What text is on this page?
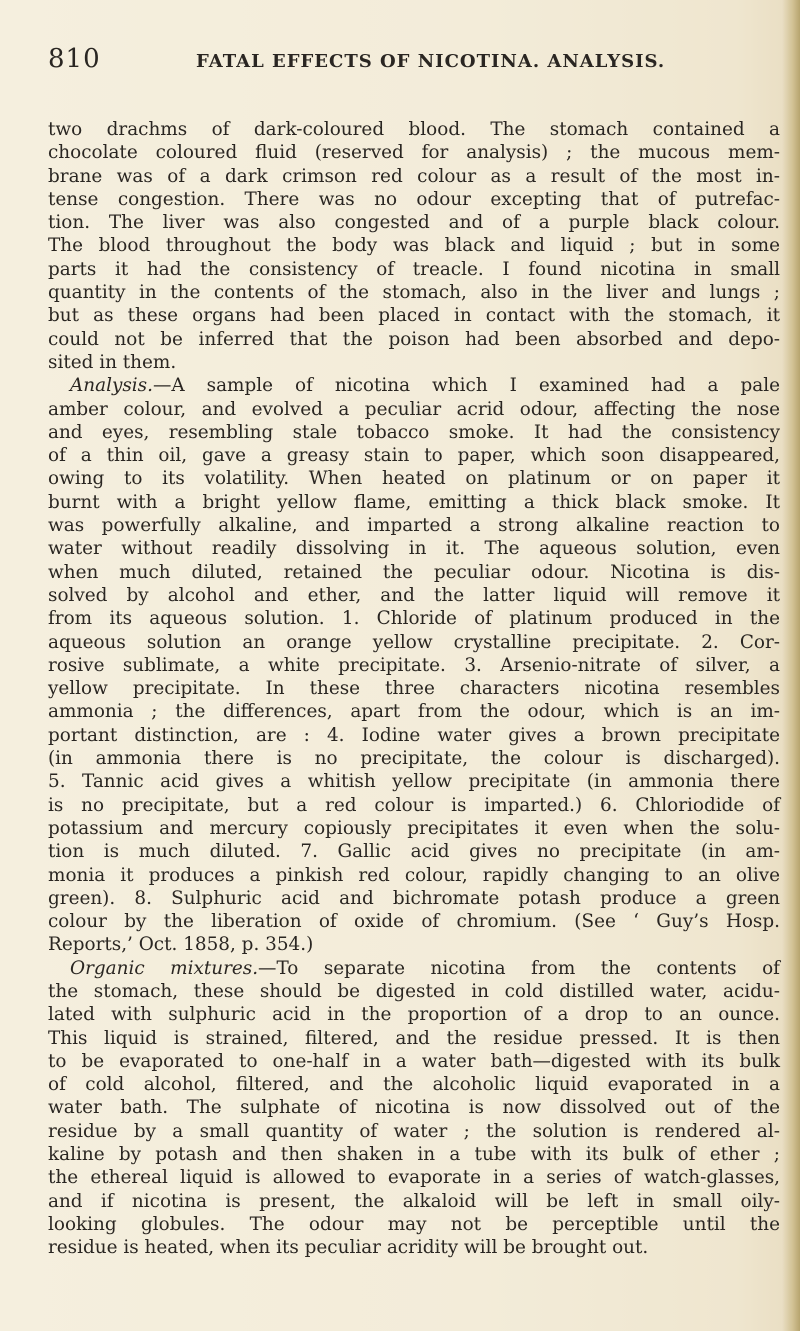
810	FATAL EFFECTS OF NICOTINA. ANALYSIS.

two drachms of dark-coloured blood. The stomach contained a

chocolate coloured fluid (reserved for analysis) ; the mucous mem-

brane was of a dark crimson red colour as a result of the most in-

tense congestion. There was no odour excepting that of putrefac-

tion. The liver was also congested and of a purple black colour.

The blood throughout the body was black and liquid ; but in some

parts it had the consistency of treacle. I found nicotina in small

quantity in the contents of the stomach, also in the liver and lungs ;

but as these organs had been placed in contact with the stomach, it

could not be inferred that the poison had been absorbed and depo-

sited in them.

Analysis.—A sample of nicotina which I examined had a pale

amber colour, and evolved a peculiar acrid odour, affecting the nose

and eyes, resembling stale tobacco smoke. It had the consistency

of a thin oil, gave a greasy stain to paper, which soon disappeared,

owing to its volatility. When heated on platinum or on paper it

burnt with a bright yellow flame, emitting a thick black smoke. It

was powerfully alkaline, and imparted a strong alkaline reaction to

water without readily dissolving in it. The aqueous solution, even

when much diluted, retained the peculiar odour. Nicotina is dis-

solved by alcohol and ether, and the latter liquid will remove it

from its aqueous solution. 1. Chloride of platinum produced in the

aqueous solution an orange yellow crystalline precipitate. 2. Cor-

rosive sublimate, a white precipitate. 3. Arsenio-nitrate of silver, a

yellow precipitate. In these three characters nicotina resembles

ammonia ; the differences, apart from the odour, which is an im-

portant distinction, are : 4. Iodine water gives a brown precipitate

(in ammonia there is no precipitate, the colour is discharged).

5. Tannic acid gives a whitish yellow precipitate (in ammonia there

is no precipitate, but a red colour is imparted.) 6. Chloriodide of

potassium and mercury copiously precipitates it even when the solu-

tion is much diluted. 7. Gallic acid gives no precipitate (in am-

monia it produces a pinkish red colour, rapidly changing to an olive

green). 8. Sulphuric acid and bichromate potash produce a green

colour by the liberation of oxide of chromium. (See ‘ Guy’s Hosp.

Reports,’ Oct. 1858, p. 354.)

Organic mixtures.—To separate nicotina from the contents of

the stomach, these should be digested in cold distilled water, acidu-

lated with sulphuric acid in the proportion of a drop to an ounce.

This liquid is strained, filtered, and the residue pressed. It is then

to be evaporated to one-half in a water bath—digested with its bulk

of cold alcohol, filtered, and the alcoholic liquid evaporated in a

water bath. The sulphate of nicotina is now dissolved out of the

residue by a small quantity of water ; the solution is rendered al-

kaline by potash and then shaken in a tube with its bulk of ether ;

the ethereal liquid is allowed to evaporate in a series of watch-glasses,

and if nicotina is present, the alkaloid will be left in small oily-

looking globules. The odour may not be perceptible until the

residue is heated, when its peculiar acridity will be brought out.
